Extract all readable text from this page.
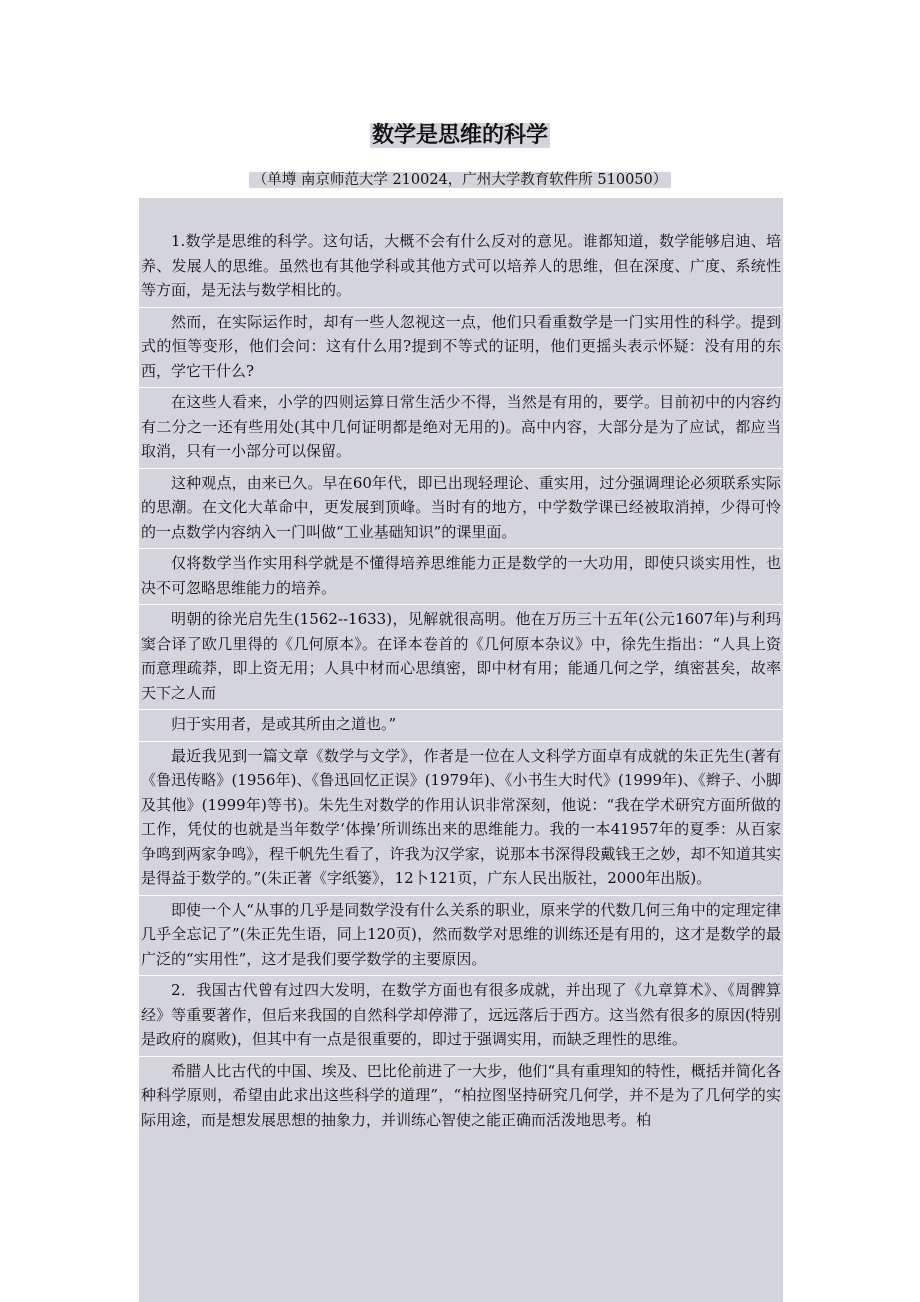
数学是思维的科学
（单墫 南京师范大学 210024，广州大学教育软件所 510050）

1.数学是思维的科学。这句话，大概不会有什么反对的意见。谁都知道，数学能够启迪、培养、发展人的思维。虽然也有其他学科或其他方式可以培养人的思维，但在深度、广度、系统性等方面，是无法与数学相比的。

然而，在实际运作时，却有一些人忽视这一点，他们只看重数学是一门实用性的科学。提到式的恒等变形，他们会问：这有什么用?提到不等式的证明，他们更摇头表示怀疑：没有用的东西，学它干什么?

在这些人看来，小学的四则运算日常生活少不得，当然是有用的，要学。目前初中的内容约有二分之一还有些用处(其中几何证明都是绝对无用的)。高中内容，大部分是为了应试，都应当取消，只有一小部分可以保留。

这种观点，由来已久。早在60年代，即已出现轻理论、重实用，过分强调理论必须联系实际的思潮。在文化大革命中，更发展到顶峰。当时有的地方，中学数学课已经被取消掉，少得可怜的一点数学内容纳入一门叫做“工业基础知识”的课里面。

仅将数学当作实用科学就是不懂得培养思维能力正是数学的一大功用，即使只谈实用性，也决不可忽略思维能力的培养。

明朝的徐光启先生(1562--1633)，见解就很高明。他在万历三十五年(公元1607年)与利玛窦合译了欧几里得的《几何原本》。在译本卷首的《几何原本杂议》中，徐先生指出：“人具上资而意理疏莽，即上资无用；人具中材而心思缜密，即中材有用；能通几何之学，缜密甚矣，故率天下之人而

归于实用者，是或其所由之道也。”

最近我见到一篇文章《数学与文学》，作者是一位在人文科学方面卓有成就的朱正先生(著有《鲁迅传略》(1956年)、《鲁迅回忆正误》(1979年)、《小书生大时代》(1999年)、《辫子、小脚及其他》(1999年)等书)。朱先生对数学的作用认识非常深刻，他说：“我在学术研究方面所做的工作，凭仗的也就是当年数学‘体操’所训练出来的思维能力。我的一本41957年的夏季：从百家争鸣到两家争鸣》，程千帆先生看了，许我为汉学家，说那本书深得段戴钱王之妙，却不知道其实是得益于数学的。”(朱正著《字纸篓》，12卜121页，广东人民出版社，2000年出版)。

即使一个人“从事的几乎是同数学没有什么关系的职业，原来学的代数几何三角中的定理定律几乎全忘记了”(朱正先生语，同上120页)，然而数学对思维的训练还是有用的，这才是数学的最广泛的“实用性”，这才是我们要学数学的主要原因。

2．我国古代曾有过四大发明，在数学方面也有很多成就，并出现了《九章算术》、《周髀算经》等重要著作，但后来我国的自然科学却停滞了，远远落后于西方。这当然有很多的原因(特别是政府的腐败)，但其中有一点是很重要的，即过于强调实用，而缺乏理性的思维。

希腊人比古代的中国、埃及、巴比伦前进了一大步，他们“具有重理知的特性，概括并简化各种科学原则，希望由此求出这些科学的道理”，“柏拉图坚持研究几何学，并不是为了几何学的实际用途，而是想发展思想的抽象力，并训练心智使之能正确而活泼地思考。柏
